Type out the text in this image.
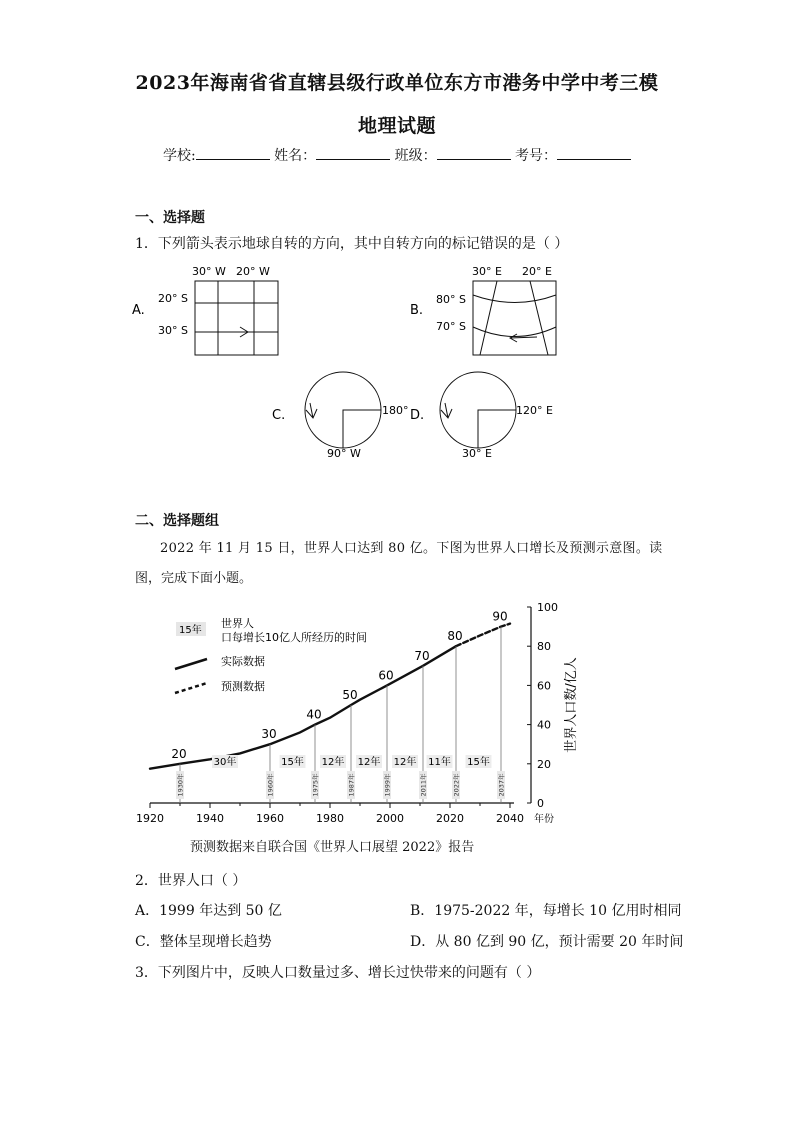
2023年海南省省直辖县级行政单位东方市港务中学中考三模
地理试题
学校:	姓名：	班级：	考号：
一、选择题
1．下列箭头表示地球自转的方向，其中自转方向的标记错误的是（ ）
A.
30° W 20° W
20° S
30° S
B.
30° E 20° E
80° S
70° S
C.	180°
90° W
D.	120° E
30° E
二、选择题组
2022 年 11 月 15 日，世界人口达到 80 亿。下图为世界人口增长及预测示意图。读
图，完成下面小题。
15年
世界人
口每增长10亿人所经历的时间
实际数据
预测数据
1920	1940	1960	1980	2000	2020	2040 年份
0
20
40
60
80
100
世界人口数/亿人
20
1930年
30
1960年
40
1975年
50
1987年
60
1999年
70
2011年
80
2022年
90
2037年
30年	15年 12年 12年 12年 11年 15年
预测数据来自联合国《世界人口展望 2022》报告
2．世界人口（ ）
A．1999 年达到 50 亿	B．1975-2022 年，每增长 10 亿用时相同
C．整体呈现增长趋势	D．从 80 亿到 90 亿，预计需要 20 年时间
3．下列图片中，反映人口数量过多、增长过快带来的问题有（ ）
